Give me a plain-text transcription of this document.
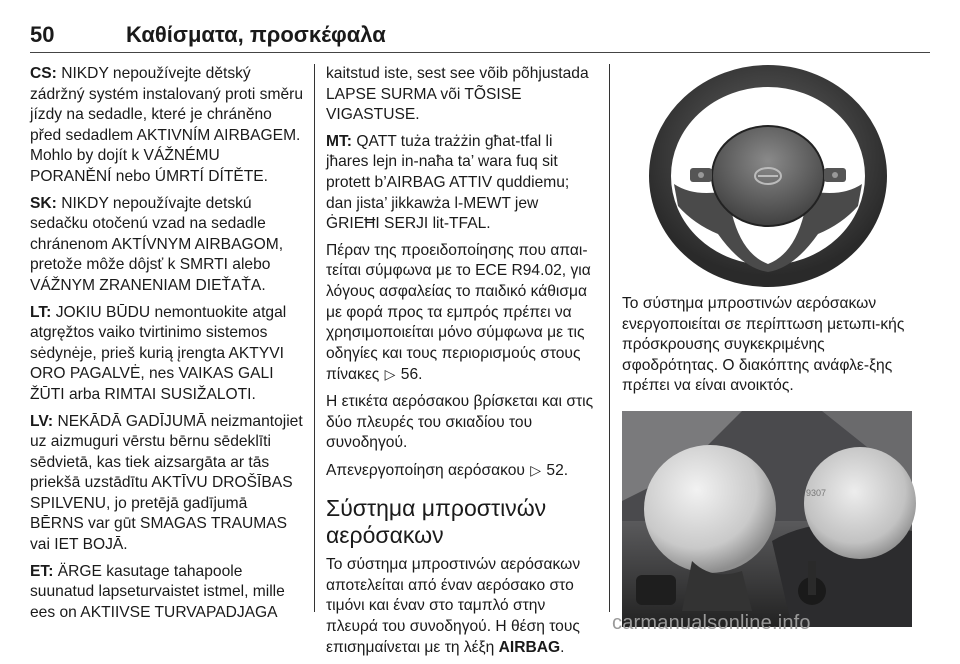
50	Καθίσματα, προσκέφαλα

CS: NIKDY nepoužívejte dětský zádržný systém instalovaný proti směru jízdy na sedadle, které je chráněno před sedadlem AKTIVNÍM AIRBAGEM. Mohlo by dojít k VÁŽNÉMU PORANĚNÍ nebo ÚMRTÍ DÍTĚTE.

SK: NIKDY nepoužívajte detskú sedačku otočenú vzad na sedadle chránenom AKTÍVNYM AIRBAGOM, pretože môže dôjsť k SMRTI alebo VÁŽNYM ZRANENIAM DIEŤAŤA.

LT: JOKIU BŪDU nemontuokite atgal atgręžtos vaiko tvirtinimo sistemos sėdynėje, prieš kurią įrengta AKTYVI ORO PAGALVĖ, nes VAIKAS GALI ŽŪTI arba RIMTAI SUSIŽALOTI.

LV: NEKĀDĀ GADĪJUMĀ neizmantojiet uz aizmuguri vērstu bērnu sēdeklīti sēdvietā, kas tiek aizsargāta ar tās priekšā uzstādītu AKTĪVU DROŠĪBAS SPILVENU, jo pretējā gadījumā BĒRNS var gūt SMAGAS TRAUMAS vai IET BOJĀ.

ET: ÄRGE kasutage tahapoole suunatud lapseturvaistet istmel, mille ees on AKTIIVSE TURVAPADJAGA

kaitstud iste, sest see võib põhjustada LAPSE SURMA või TÕSISE VIGASTUSE.

MT: QATT tuża trażżin għat-tfal li jħares lejn in-naħa ta’ wara fuq sit protett b’AIRBAG ATTIV quddiemu; dan jista’ jikkawża l-MEWT jew ĠRIEĦI SERJI lit-TFAL.

Πέραν της προειδοποίησης που απαι-τείται σύμφωνα με το ECE R94.02, για λόγους ασφαλείας το παιδικό κάθισμα με φορά προς τα εμπρός πρέπει να χρησιμοποιείται μόνο σύμφωνα με τις οδηγίες και τους περιορισμούς στους πίνακες ▷ 56.

Η ετικέτα αερόσακου βρίσκεται και στις δύο πλευρές του σκιαδίου του συνοδηγού.

Απενεργοποίηση αερόσακου ▷ 52.

Σύστημα μπροστινών αερόσακων

Το σύστημα μπροστινών αερόσακων αποτελείται από έναν αερόσακο στο τιμόνι και έναν στο ταμπλό στην πλευρά του συνοδηγού. Η θέση τους επισημαίνεται με τη λέξη AIRBAG.

Το σύστημα μπροστινών αερόσακων ενεργοποιείται σε περίπτωση μετωπι-κής πρόσκρουσης συγκεκριμένης σφοδρότητας. Ο διακόπτης ανάφλε-ξης πρέπει να είναι ανοικτός.

9307
carmanualsonline.info
